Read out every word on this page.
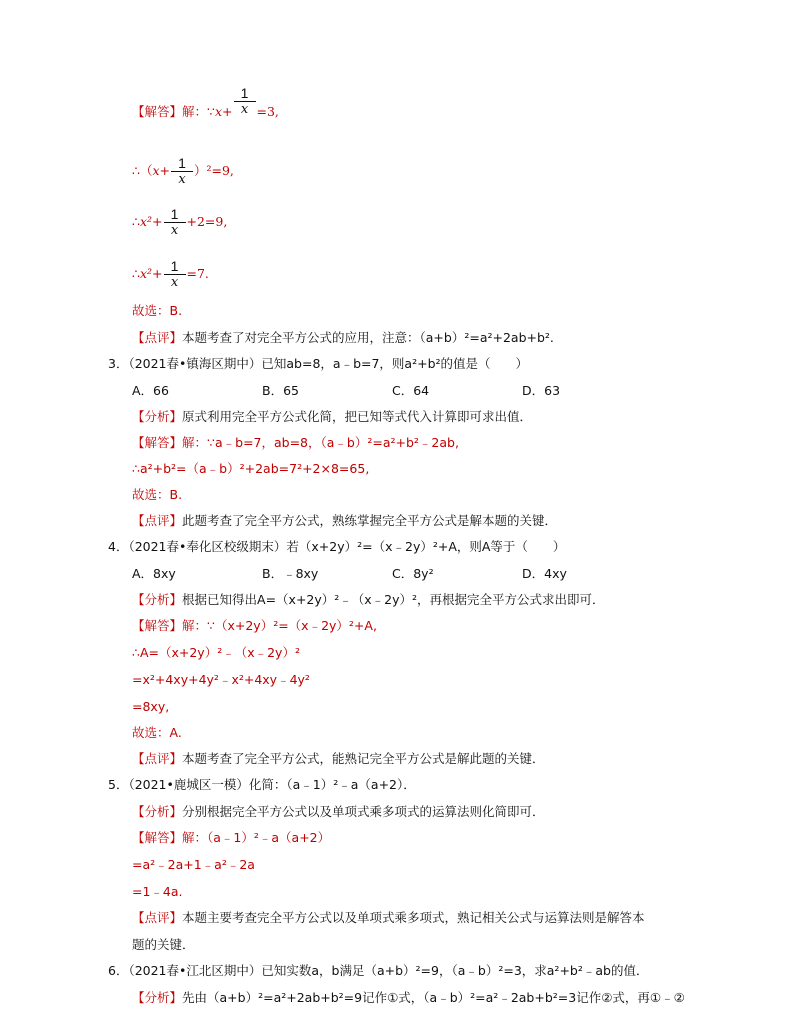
【解答】解：∵x+ $\frac{1}{x} =3$,
∴（x+ $\frac{1}{x} )^2=9$,
∴x²+ $\frac{1}{x} +2=9$,
∴x²+ $\frac{1}{x} =7$.
故选：B.
【点评】本题考查了对完全平方公式的应用，注意：（a+b）²=a²+2ab+b².
3．（2021春•镇海区期中）已知ab=8，a﹣b=7，则a²+b²的值是（　　）
A．66	B．65	C．64	D．63
【分析】原式利用完全平方公式化简，把已知等式代入计算即可求出值．
【解答】解：∵a﹣b=7，ab=8，（a﹣b）²=a²+b²﹣2ab,
∴a²+b²=（a﹣b）²+2ab=7²+2×8=65,
故选：B.
【点评】此题考查了完全平方公式，熟练掌握完全平方公式是解本题的关键．
4．（2021春•奉化区校级期末）若（x+2y）²=（x﹣2y）²+A，则A等于（　　）
A．8xy	B．﹣8xy	C．8y²	D．4xy
【分析】根据已知得出A=（x+2y）²﹣（x﹣2y）²，再根据完全平方公式求出即可．
【解答】解：∵（x+2y）²=（x﹣2y）²+A,
∴A=（x+2y）²﹣（x﹣2y）²
=x²+4xy+4y²﹣x²+4xy﹣4y²
=8xy,
故选：A.
【点评】本题考查了完全平方公式，能熟记完全平方公式是解此题的关键．
5．（2021•鹿城区一模）化简：（a﹣1）²﹣a（a+2）．
【分析】分别根据完全平方公式以及单项式乘多项式的运算法则化简即可．
【解答】解：（a﹣1）²﹣a（a+2）
=a²﹣2a+1﹣a²﹣2a
=1﹣4a.
【点评】本题主要考查完全平方公式以及单项式乘多项式，熟记相关公式与运算法则是解答本
题的关键．
6．（2021春•江北区期中）已知实数a，b满足（a+b）²=9，（a﹣b）²=3，求a²+b²﹣ab的值．
【分析】先由（a+b）²=a²+2ab+b²=9记作①式，（a﹣b）²=a²﹣2ab+b²=3记作②式，再①﹣②
